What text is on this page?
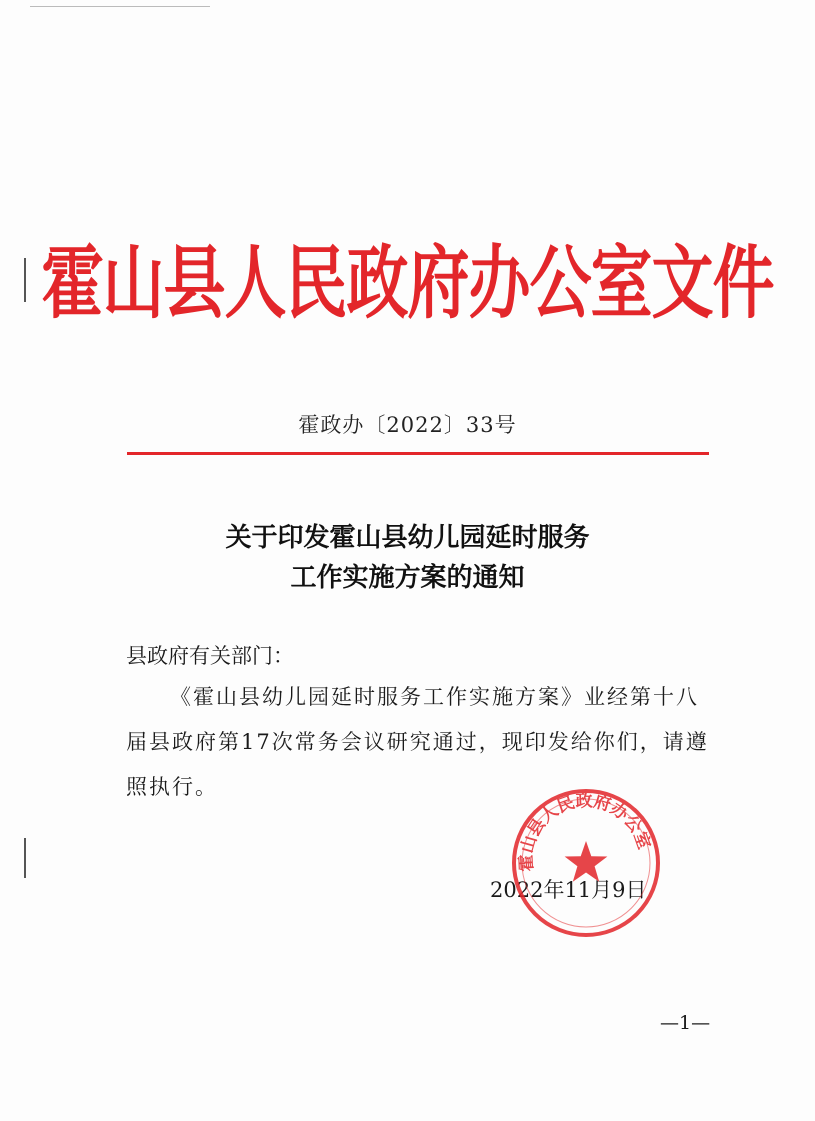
霍山县人民政府办公室文件
霍政办〔2022〕33号
关于印发霍山县幼儿园延时服务
工作实施方案的通知
县政府有关部门：
《霍山县幼儿园延时服务工作实施方案》业经第十八届县政府第17次常务会议研究通过，现印发给你们，请遵照执行。
2022年11月9日
霍山县人民政府办公室
—1—
